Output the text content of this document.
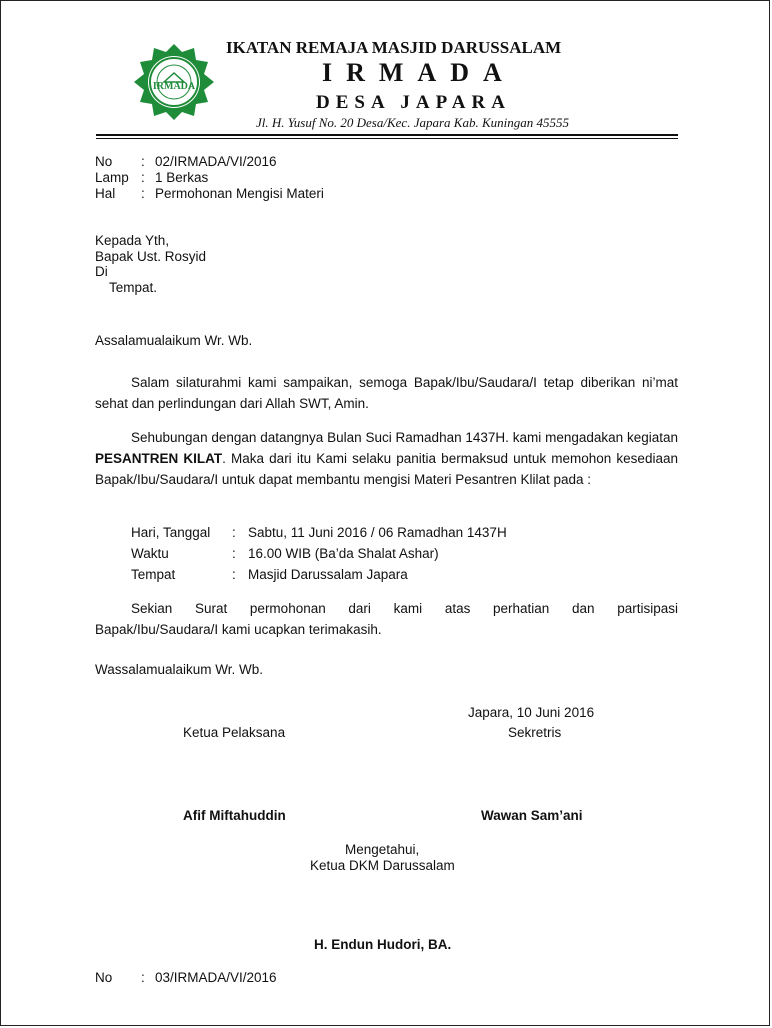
IRMADA
IKATAN REMAJA MASJID DARUSSALAM
IRMADA
DESA JAPARA
Jl. H. Yusuf No. 20 Desa/Kec. Japara Kab. Kuningan 45555
No : 02/IRMADA/VI/2016
Lamp : 1 Berkas
Hal : Permohonan Mengisi Materi
Kepada Yth,
Bapak Ust. Rosyid
Di
Tempat.
Assalamualaikum Wr. Wb.
Salam silaturahmi kami sampaikan, semoga Bapak/Ibu/Saudara/I tetap diberikan ni’mat sehat dan perlindungan dari Allah SWT, Amin.
Sehubungan dengan datangnya Bulan Suci Ramadhan 1437H. kami mengadakan kegiatan PESANTREN KILAT. Maka dari itu Kami selaku panitia bermaksud untuk memohon kesediaan Bapak/Ibu/Saudara/I untuk dapat membantu mengisi Materi Pesantren Klilat pada :
Hari, Tanggal : Sabtu, 11 Juni 2016 / 06 Ramadhan 1437H
Waktu	: 16.00 WIB (Ba’da Shalat Ashar)
Tempat	: Masjid Darussalam Japara
Sekian Surat permohonan dari kami atas perhatian dan partisipasi
Bapak/Ibu/Saudara/I kami ucapkan terimakasih.
Wassalamualaikum Wr. Wb.
Japara, 10 Juni 2016
Ketua Pelaksana	Sekretris
Afif Miftahuddin	Wawan Sam’ani
Mengetahui,
Ketua DKM Darussalam
H. Endun Hudori, BA.
No : 03/IRMADA/VI/2016
